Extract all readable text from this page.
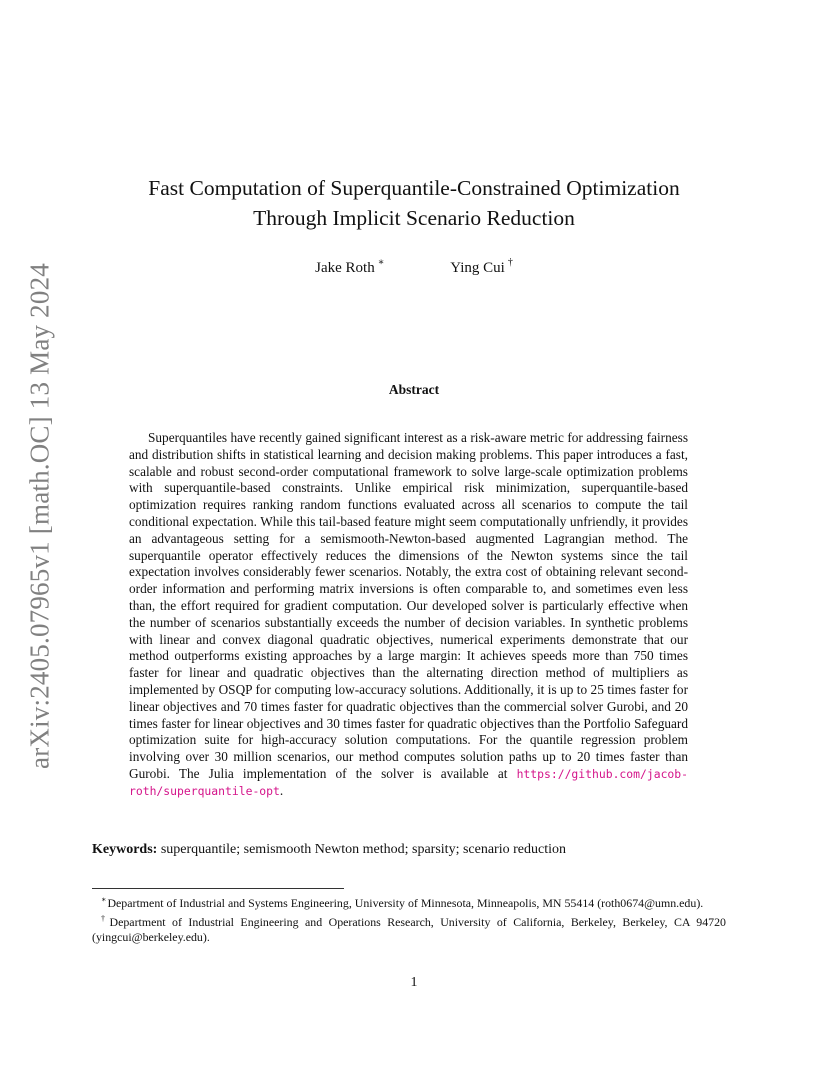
arXiv:2405.07965v1 [math.OC] 13 May 2024
Fast Computation of Superquantile-Constrained Optimization
Through Implicit Scenario Reduction
Jake Roth ∗	Ying Cui †
Abstract

Superquantiles have recently gained significant interest as a risk-aware metric for addressing fairness and distribution shifts in statistical learning and decision making problems. This paper introduces a fast, scalable and robust second-order computational framework to solve large-scale optimization problems with superquantile-based constraints. Unlike empirical risk minimization, superquantile-based optimization requires ranking random functions evaluated across all scenarios to compute the tail conditional expectation. While this tail-based feature might seem computationally unfriendly, it provides an advantageous setting for a semismooth-Newton-based augmented Lagrangian method. The superquantile operator effectively reduces the dimensions of the Newton systems since the tail expectation involves considerably fewer scenarios. Notably, the extra cost of obtaining relevant second-order information and performing matrix inversions is often comparable to, and sometimes even less than, the effort required for gradient computation. Our developed solver is particularly effective when the number of scenarios substantially exceeds the number of decision variables. In synthetic problems with linear and convex diagonal quadratic objectives, numerical experiments demonstrate that our method outperforms existing approaches by a large margin: It achieves speeds more than 750 times faster for linear and quadratic objectives than the alternating direction method of multipliers as implemented by OSQP for computing low-accuracy solutions. Additionally, it is up to 25 times faster for linear objectives and 70 times faster for quadratic objectives than the commercial solver Gurobi, and 20 times faster for linear objectives and 30 times faster for quadratic objectives than the Portfolio Safeguard optimization suite for high-accuracy solution computations. For the quantile regression problem involving over 30 million scenarios, our method computes solution paths up to 20 times faster than Gurobi. The Julia implementation of the solver is available at https://github.com/jacob-roth/superquantile-opt.

Keywords: superquantile; semismooth Newton method; sparsity; scenario reduction

∗Department of Industrial and Systems Engineering, University of Minnesota, Minneapolis, MN 55414 (roth0674@umn.edu).

†Department of Industrial Engineering and Operations Research, University of California, Berkeley, Berkeley, CA 94720 (yingcui@berkeley.edu).

1
